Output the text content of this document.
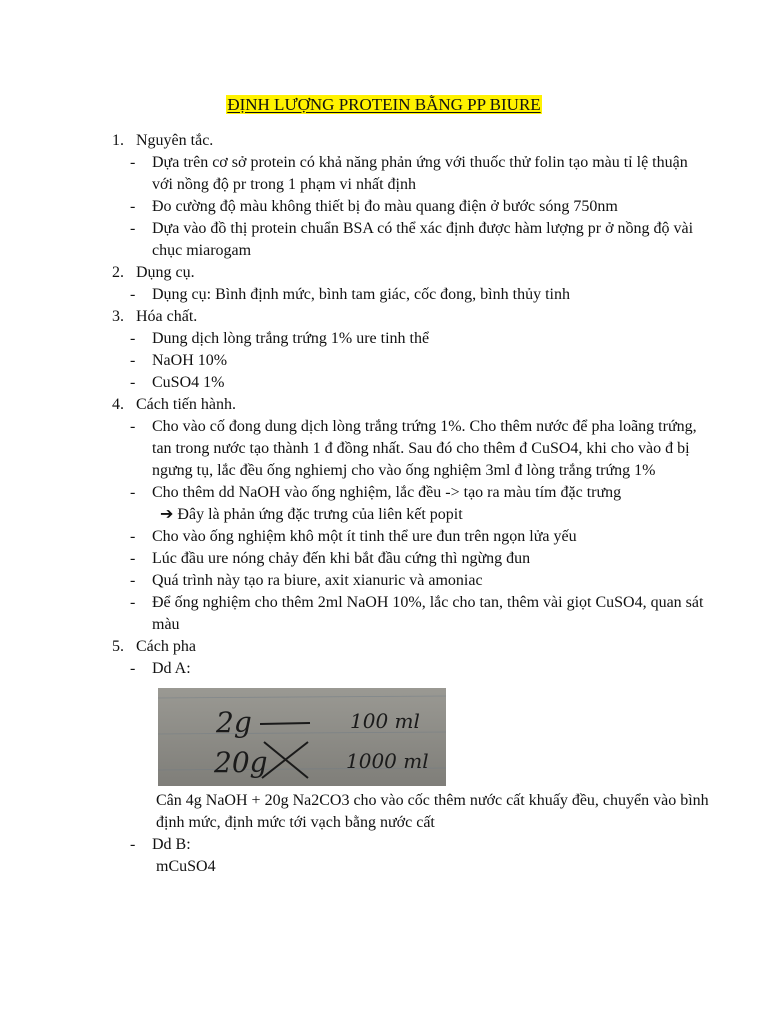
ĐỊNH LƯỢNG PROTEIN BẰNG PP BIURE
1. Nguyên tắc.
- Dựa trên cơ sở protein có khả năng phản ứng với thuốc thử folin tạo màu tỉ lệ thuận với nồng độ pr trong 1 phạm vi nhất định
- Đo cường độ màu không thiết bị đo màu quang điện ở bước sóng 750nm
- Dựa vào đồ thị protein chuẩn BSA có thể xác định được hàm lượng pr ở nồng độ vài chục miarogam
2. Dụng cụ.
- Dụng cụ: Bình định mức, bình tam giác, cốc đong, bình thủy tinh
3. Hóa chất.
- Dung dịch lòng trắng trứng 1% ure tinh thể
- NaOH 10%
- CuSO4 1%
4. Cách tiến hành.
- Cho vào cố đong dung dịch lòng trắng trứng 1%. Cho thêm nước để pha loãng trứng, tan trong nước tạo thành 1 đ đồng nhất. Sau đó cho thêm đ CuSO4, khi cho vào đ bị ngưng tụ, lắc đều ống nghiemj cho vào ống nghiệm 3ml đ lòng trắng trứng 1%
- Cho thêm dd NaOH vào ống nghiệm, lắc đều -> tạo ra màu tím đặc trưng
➔ Đây là phản ứng đặc trưng của liên kết popit
- Cho vào ống nghiệm khô một ít tinh thể ure đun trên ngọn lửa yếu
- Lúc đầu ure nóng chảy đến khi bắt đầu cứng thì ngừng đun
- Quá trình này tạo ra biure, axit xianuric và amoniac
- Để ống nghiệm cho thêm 2ml NaOH 10%, lắc cho tan, thêm vài giọt CuSO4, quan sát màu
5. Cách pha
- Dd A:
2g	100 ml
20g	1000 ml
Cân 4g NaOH + 20g Na2CO3 cho vào cốc thêm nước cất khuấy đều, chuyển vào bình định mức, định mức tới vạch bằng nước cất
- Dd B:
mCuSO4
